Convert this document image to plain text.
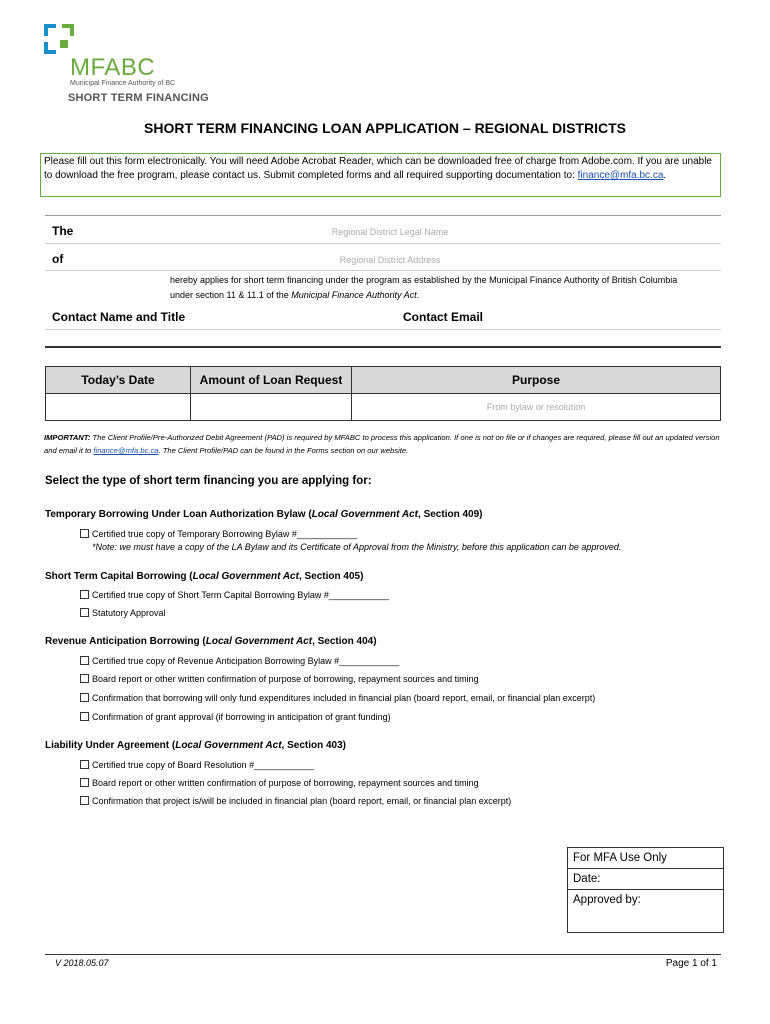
MFABC
Municipal Finance Authority of BC
SHORT TERM FINANCING
SHORT TERM FINANCING LOAN APPLICATION – REGIONAL DISTRICTS
Please fill out this form electronically. You will need Adobe Acrobat Reader, which can be downloaded free of charge from Adobe.com. If you are unable to download the free program, please contact us. Submit completed forms and all required supporting documentation to: finance@mfa.bc.ca.
The	Regional District Legal Name
of	Regional District Address
hereby applies for short term financing under the program as established by the Municipal Finance Authority of British Columbia under section 11 & 11.1 of the Municipal Finance Authority Act.
Contact Name and Title	Contact Email
Today’s Date	Amount of Loan Request	Purpose
		From bylaw or resolution
IMPORTANT: The Client Profile/Pre-Authorized Debit Agreement (PAD) is required by MFABC to process this application. If one is not on file or if changes are required, please fill out an updated version and email it to finance@mfa.bc.ca. The Client Profile/PAD can be found in the Forms section on our website.
Select the type of short term financing you are applying for:
Temporary Borrowing Under Loan Authorization Bylaw (Local Government Act, Section 409)
Certified true copy of Temporary Borrowing Bylaw #____________
*Note: we must have a copy of the LA Bylaw and its Certificate of Approval from the Ministry, before this application can be approved.
Short Term Capital Borrowing (Local Government Act, Section 405)
Certified true copy of Short Term Capital Borrowing Bylaw #____________
Statutory Approval
Revenue Anticipation Borrowing (Local Government Act, Section 404)
Certified true copy of Revenue Anticipation Borrowing Bylaw #____________
Board report or other written confirmation of purpose of borrowing, repayment sources and timing
Confirmation that borrowing will only fund expenditures included in financial plan (board report, email, or financial plan excerpt)
Confirmation of grant approval (if borrowing in anticipation of grant funding)
Liability Under Agreement (Local Government Act, Section 403)
Certified true copy of Board Resolution #____________
Board report or other written confirmation of purpose of borrowing, repayment sources and timing
Confirmation that project is/will be included in financial plan (board report, email, or financial plan excerpt)
For MFA Use Only
Date:
Approved by:
V 2018.05.07	Page 1 of 1
